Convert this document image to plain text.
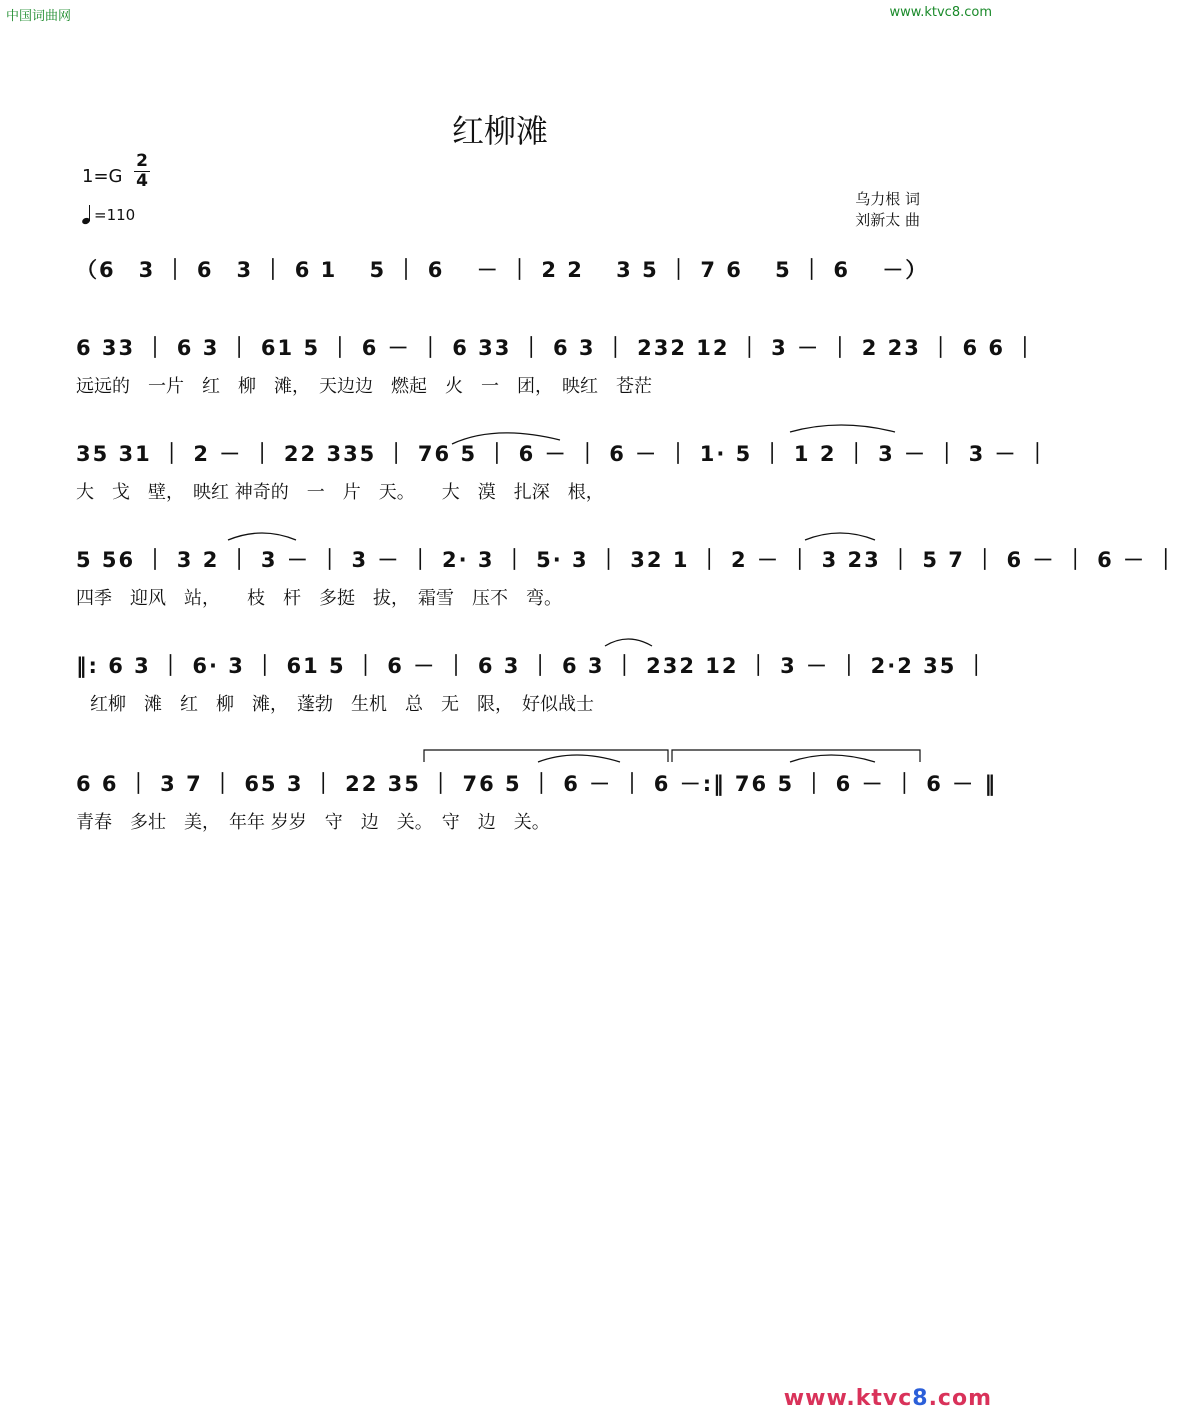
中国词曲网	www.ktvc8.com
红柳滩
1=G
2
4
=110
乌力根 词
刘新太 曲
（6　3 ｜ 6　3 ｜ 6 1 　5 ｜ 6 　－ ｜ 2 2 　3 5 ｜ 7 6 　5 ｜ 6 　－）
6 33 ｜ 6 3 ｜ 61 5 ｜ 6 － ｜ 6 33 ｜ 6 3 ｜ 232 12 ｜ 3 － ｜ 2 23 ｜ 6 6 ｜
远远的　一片　红　柳　滩，　天边边　燃起　火　一　团，　映红　苍茫
35 31 ｜ 2 － ｜ 22 335 ｜ 76 5 ｜ 6 － ｜ 6 － ｜ 1· 5 ｜ 1 2 ｜ 3 － ｜ 3 － ｜
大　戈　壁，　映红 神奇的　一　片　天。　　大　漠　扎深　根，
5 56 ｜ 3 2 ｜ 3 － ｜ 3 － ｜ 2· 3 ｜ 5· 3 ｜ 32 1 ｜ 2 － ｜ 3 23 ｜ 5 7 ｜ 6 － ｜ 6 － ｜
四季　迎风　站，　　枝　杆　多挺　拔，　霜雪　压不　弯。
‖: 6 3 ｜ 6· 3 ｜ 61 5 ｜ 6 － ｜ 6 3 ｜ 6 3 ｜ 232 12 ｜ 3 － ｜ 2·2 35 ｜
红柳　滩　红　柳　滩，　蓬勃　生机　总　无　限，　好似战士
6 6 ｜ 3 7 ｜ 65 3 ｜ 22 35 ｜ 76 5 ｜ 6 － ｜ 6 －:‖ 76 5 ｜ 6 － ｜ 6 － ‖
青春　多壮　美，　年年 岁岁　守　边　关。　守　边　关。
www.ktvc8.com
